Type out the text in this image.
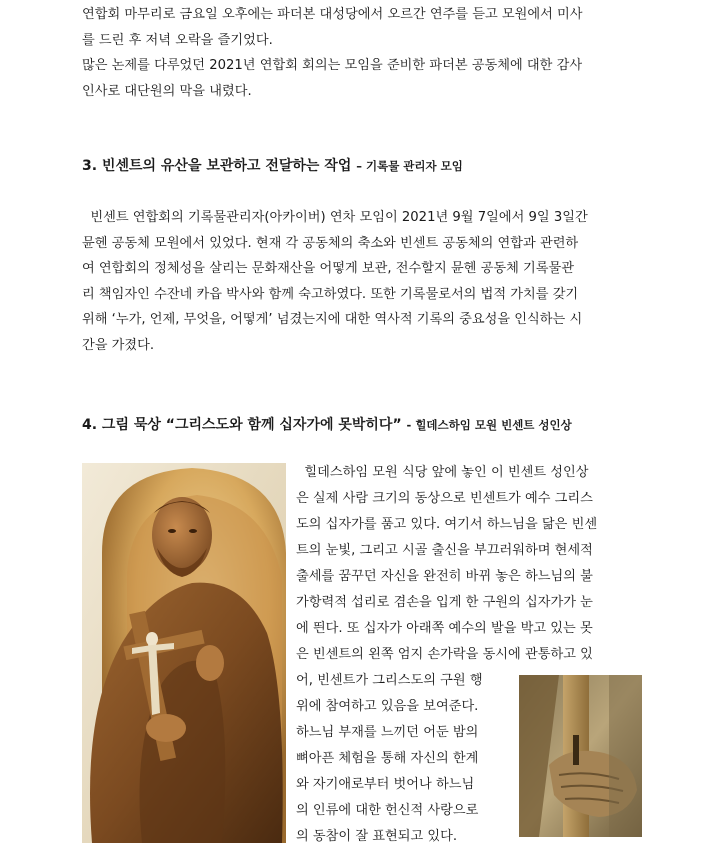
연합회 마무리로 금요일 오후에는 파더본 대성당에서 오르간 연주를 듣고 모원에서 미사
를 드린 후 저녁 오락을 즐기었다.
많은 논제를 다루었던 2021년 연합회 회의는 모임을 준비한 파더본 공동체에 대한 감사
인사로 대단원의 막을 내렸다.
3. 빈센트의 유산을 보관하고 전달하는 작업 – 기록물 관리자 모임
빈센트 연합회의 기록물관리자(아카이버) 연차 모임이 2021년 9월 7일에서 9일 3일간
뮨헨 공동체 모원에서 있었다. 현재 각 공동체의 축소와 빈센트 공동체의 연합과 관련하
여 연합회의 정체성을 살리는 문화재산을 어떻게 보관, 전수할지 뮨헨 공동체 기록물관
리 책임자인 수잔네 카읍 박사와 함께 숙고하였다. 또한 기록물로서의 법적 가치를 갖기
위해 ‘누가, 언제, 무엇을, 어떻게’ 넘겼는지에 대한 역사적 기록의 중요성을 인식하는 시
간을 가졌다.
4. 그림 묵상 “그리스도와 함께 십자가에 못박히다” - 힐데스하임 모원 빈센트 성인상
힐데스하임 모원 식당 앞에 놓인 이 빈센트 성인상
은 실제 사람 크기의 동상으로 빈센트가 예수 그리스
도의 십자가를 품고 있다. 여기서 하느님을 닮은 빈센
트의 눈빛, 그리고 시골 출신을 부끄러워하며 현세적
출세를 꿈꾸던 자신을 완전히 바뀌 놓은 하느님의 불
가항력적 섭리로 겸손을 입게 한 구원의 십자가가 눈
에 띈다. 또 십자가 아래쪽 예수의 발을 박고 있는 못
은 빈센트의 왼쪽 엄지 손가락을 동시에 관통하고 있
어, 빈센트가 그리스도의 구원 행
위에 참여하고 있음을 보여준다.
하느님 부재를 느끼던 어둔 밤의
뼈아픈 체험을 통해 자신의 한계
와 자기애로부터 벗어나 하느님
의 인류에 대한 헌신적 사랑으로
의 동참이 잘 표현되고 있다.
